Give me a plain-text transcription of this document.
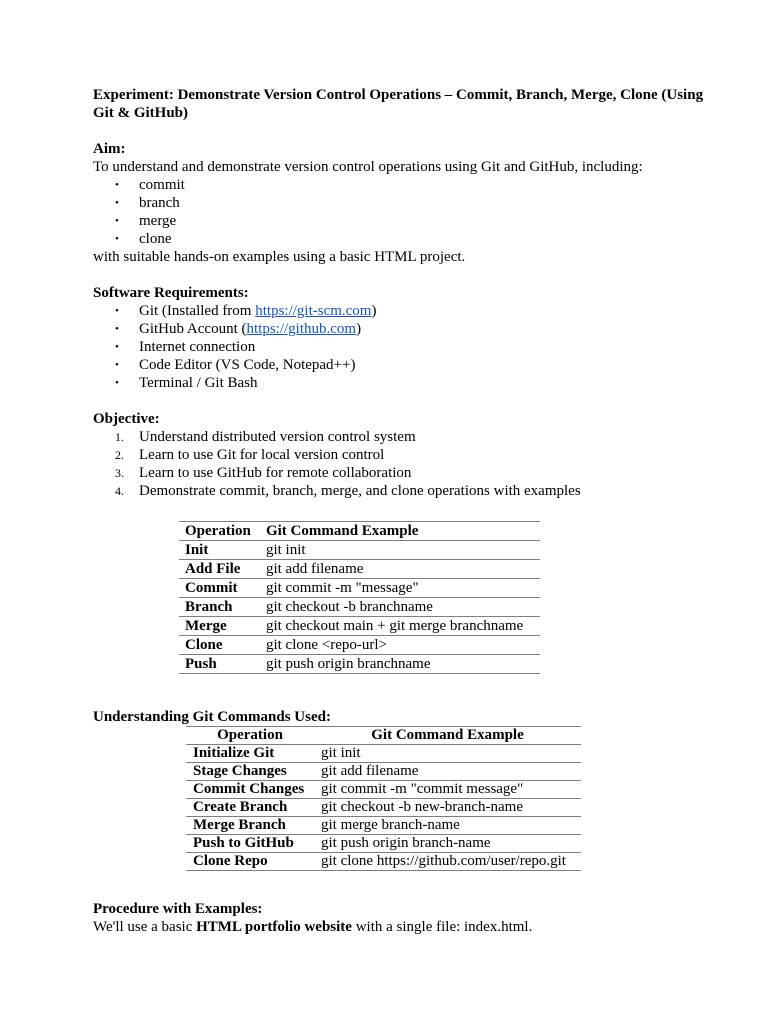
Experiment: Demonstrate Version Control Operations – Commit, Branch, Merge, Clone (Using Git & GitHub)

Aim:
To understand and demonstrate version control operations using Git and GitHub, including:
• commit
• branch
• merge
• clone
with suitable hands-on examples using a basic HTML project.
Software Requirements:
• Git (Installed from https://git-scm.com)
• GitHub Account (https://github.com)
• Internet connection
• Code Editor (VS Code, Notepad++)
• Terminal / Git Bash
Objective:
1. Understand distributed version control system
2. Learn to use Git for local version control
3. Learn to use GitHub for remote collaboration
4. Demonstrate commit, branch, merge, and clone operations with examples
Operation	Git Command Example
Init	git init
Add File	git add filename
Commit	git commit -m "message"
Branch	git checkout -b branchname
Merge	git checkout main + git merge branchname
Clone	git clone <repo-url>
Push	git push origin branchname
Understanding Git Commands Used:
Operation	Git Command Example
Initialize Git	git init
Stage Changes	git add filename
Commit Changes	git commit -m "commit message"
Create Branch	git checkout -b new-branch-name
Merge Branch	git merge branch-name
Push to GitHub	git push origin branch-name
Clone Repo	git clone https://github.com/user/repo.git
Procedure with Examples:
We'll use a basic HTML portfolio website with a single file: index.html.
